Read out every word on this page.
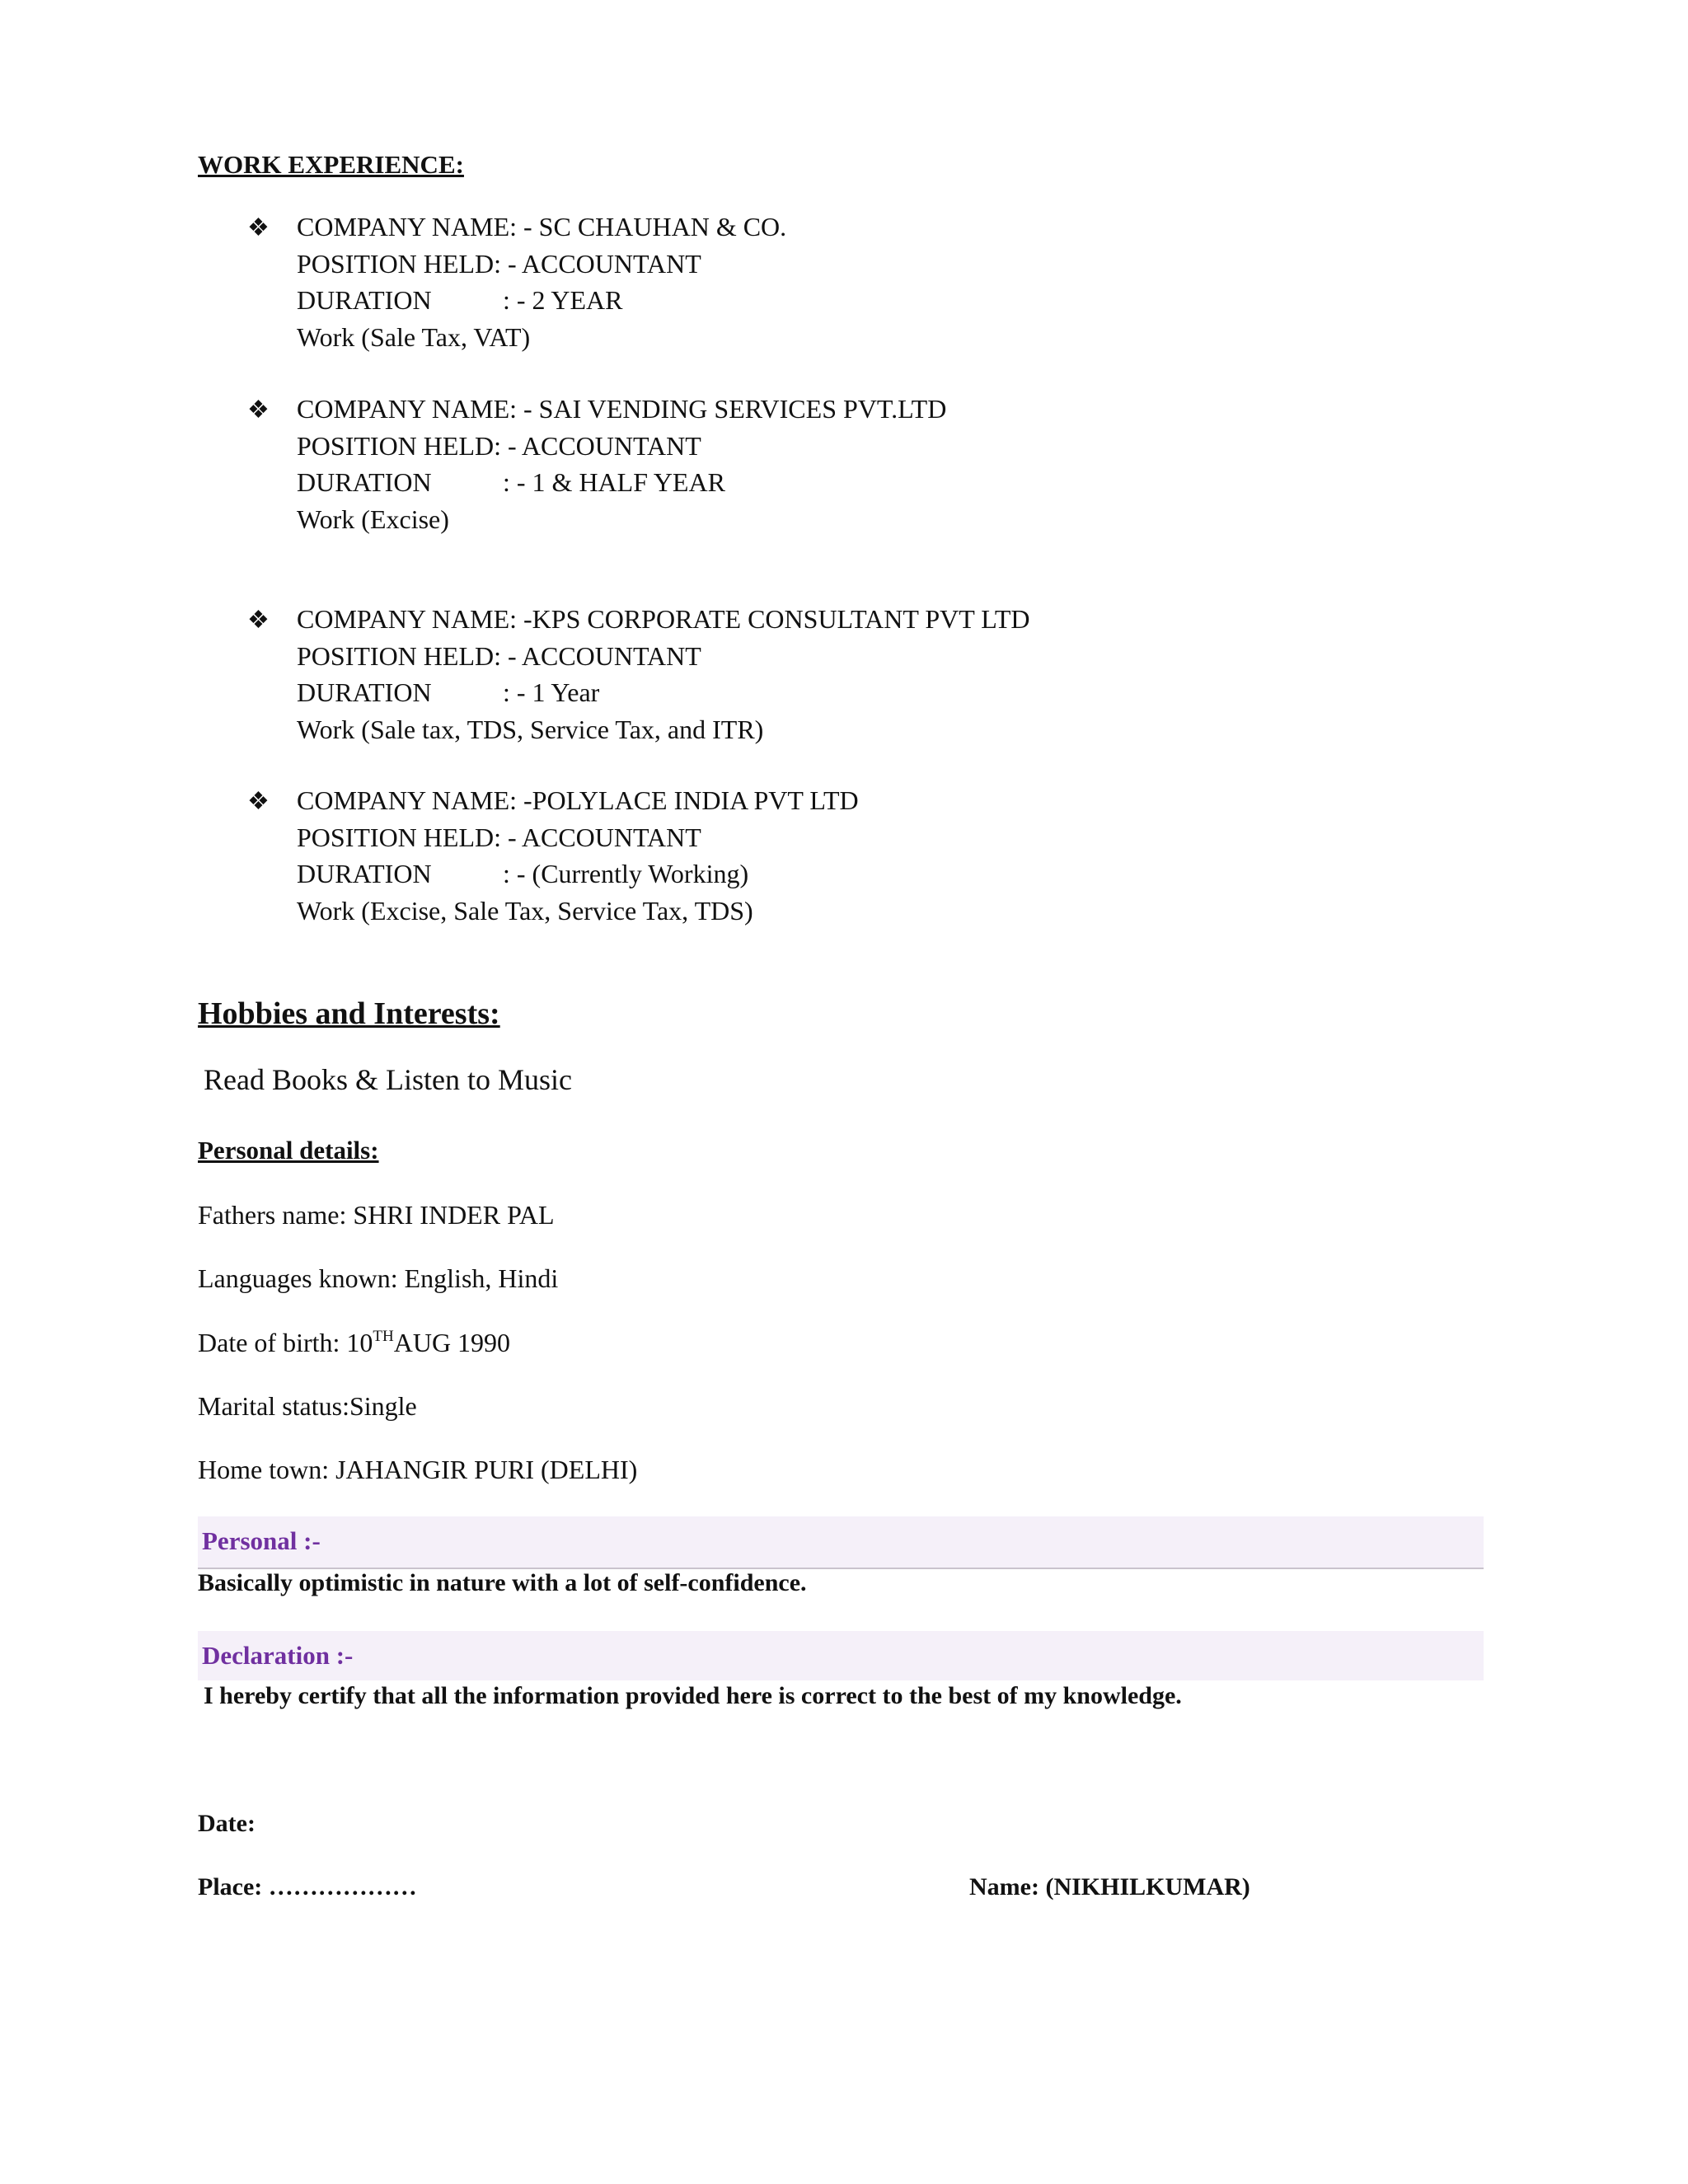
WORK EXPERIENCE:
❖ COMPANY NAME: - SC CHAUHAN & CO.
POSITION HELD: - ACCOUNTANT
DURATION	: - 2 YEAR
Work (Sale Tax, VAT)
❖ COMPANY NAME: - SAI VENDING SERVICES PVT.LTD
POSITION HELD: - ACCOUNTANT
DURATION	: - 1 & HALF YEAR
Work (Excise)
❖ COMPANY NAME: -KPS CORPORATE CONSULTANT PVT LTD
POSITION HELD: - ACCOUNTANT
DURATION	: - 1 Year
Work (Sale tax, TDS, Service Tax, and ITR)
❖ COMPANY NAME: -POLYLACE INDIA PVT LTD
POSITION HELD: - ACCOUNTANT
DURATION	: - (Currently Working)
Work (Excise, Sale Tax, Service Tax, TDS)
Hobbies and Interests:
Read Books & Listen to Music
Personal details:
Fathers name: SHRI INDER PAL
Languages known: English, Hindi
Date of birth: 10THAUG 1990
Marital status:Single
Home town: JAHANGIR PURI (DELHI)
Personal :-
Basically optimistic in nature with a lot of self-confidence.
Declaration :-
I hereby certify that all the information provided here is correct to the best of my knowledge.
Date:
Place: ………………	Name: (NIKHILKUMAR)
